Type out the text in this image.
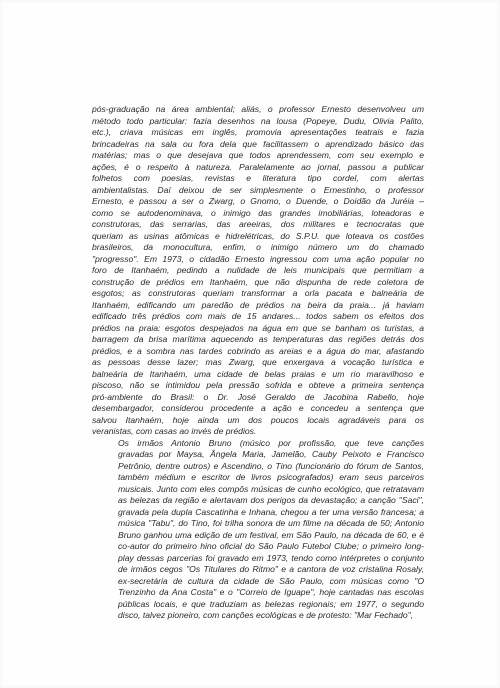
pós-graduação na área ambiental; aliás, o professor Ernesto desenvolveu um
método todo particular: fazia desenhos na lousa (Popeye, Dudu, Olivia Palito,
etc.), criava músicas em inglês, promovia apresentações teatrais e fazia
brincadeiras na sala ou fora dela que facilitassem o aprendizado básico das
matérias; mas o que desejava que todos aprendessem, com seu exemplo e
ações, é o respeito à natureza. Paralelamente ao jornal, passou a publicar
folhetos com poesias, revistas e literatura tipo cordel, com alertas
ambientalistas. Daí deixou de ser simplesmente o Ernestinho, o professor
Ernesto, e passou a ser o Zwarg, o Gnomo, o Duende, o Doidão da Juréia –
como se autodenominava, o inimigo das grandes imobiliárias, loteadoras e
construtoras, das serrarias, das areeiras, dos militares e tecnocratas que
queriam as usinas atômicas e hidrelétricas, do S.P.U. que loteava os costões
brasileiros, da monocultura, enfim, o inimigo número um do chamado
"progresso". Em 1973, o cidadão Ernesto ingressou com uma ação popular no
foro de Itanhaém, pedindo a nulidade de leis municipais que permitiam a
construção de prédios em Itanhaém, que não dispunha de rede coletora de
esgotos; as construtoras queriam transformar a orla pacata e balneária de
Itanhaém, edificando um paredão de prédios na beira da praia... já haviam
edificado três prédios com mais de 15 andares... todos sabem os efeitos dos
prédios na praia: esgotos despejados na água em que se banham os turistas, a
barragem da brisa marítima aquecendo as temperaturas das regiões detrás dos
prédios, e a sombra nas tardes cobrindo as areias e a água do mar, afastando
as pessoas desse lazer; mas Zwarg, que enxergava a vocação turística e
balneária de Itanhaém, uma cidade de belas praias e um rio maravilhoso e
piscoso, não se intimidou pela pressão sofrida e obteve a primeira sentença
pró-ambiente do Brasil: o Dr. José Geraldo de Jacobina Rabello, hoje
desembargador, considerou procedente a ação e concedeu a sentença que
salvou Itanhaém, hoje ainda um dos poucos locais agradáveis para os
veranistas, com casas ao invés de prédios.

Os irmãos Antonio Bruno (músico por profissão, que teve canções
gravadas por Maysa, Ângela Maria, Jamelão, Cauby Peixoto e Francisco
Petrônio, dentre outros) e Ascendino, o Tino (funcionário do fórum de Santos,
também médium e escritor de livros psicografados) eram seus parceiros
musicais. Junto com eles compôs músicas de cunho ecológico, que retratavam
as belezas da região e alertavam dos perigos da devastação; a canção "Saci",
gravada pela dupla Cascatinha e Inhana, chegou a ter uma versão francesa; a
música "Tabu", do Tino, foi trilha sonora de um filme na década de 50; Antonio
Bruno ganhou uma edição de um festival, em São Paulo, na década de 60, e é
co-autor do primeiro hino oficial do São Paulo Futebol Clube; o primeiro long-
play dessas parcerias foi gravado em 1973, tendo como intérpretes o conjunto
de irmãos cegos "Os Titulares do Ritmo" e a cantora de voz cristalina Rosaly,
ex-secretária de cultura da cidade de São Paulo, com músicas como "O
Trenzinho da Ana Costa" e o "Correio de Iguape", hoje cantadas nas escolas
públicas locais, e que traduziam as belezas regionais; em 1977, o segundo
disco, talvez pioneiro, com canções ecológicas e de protesto: "Mar Fechado",
